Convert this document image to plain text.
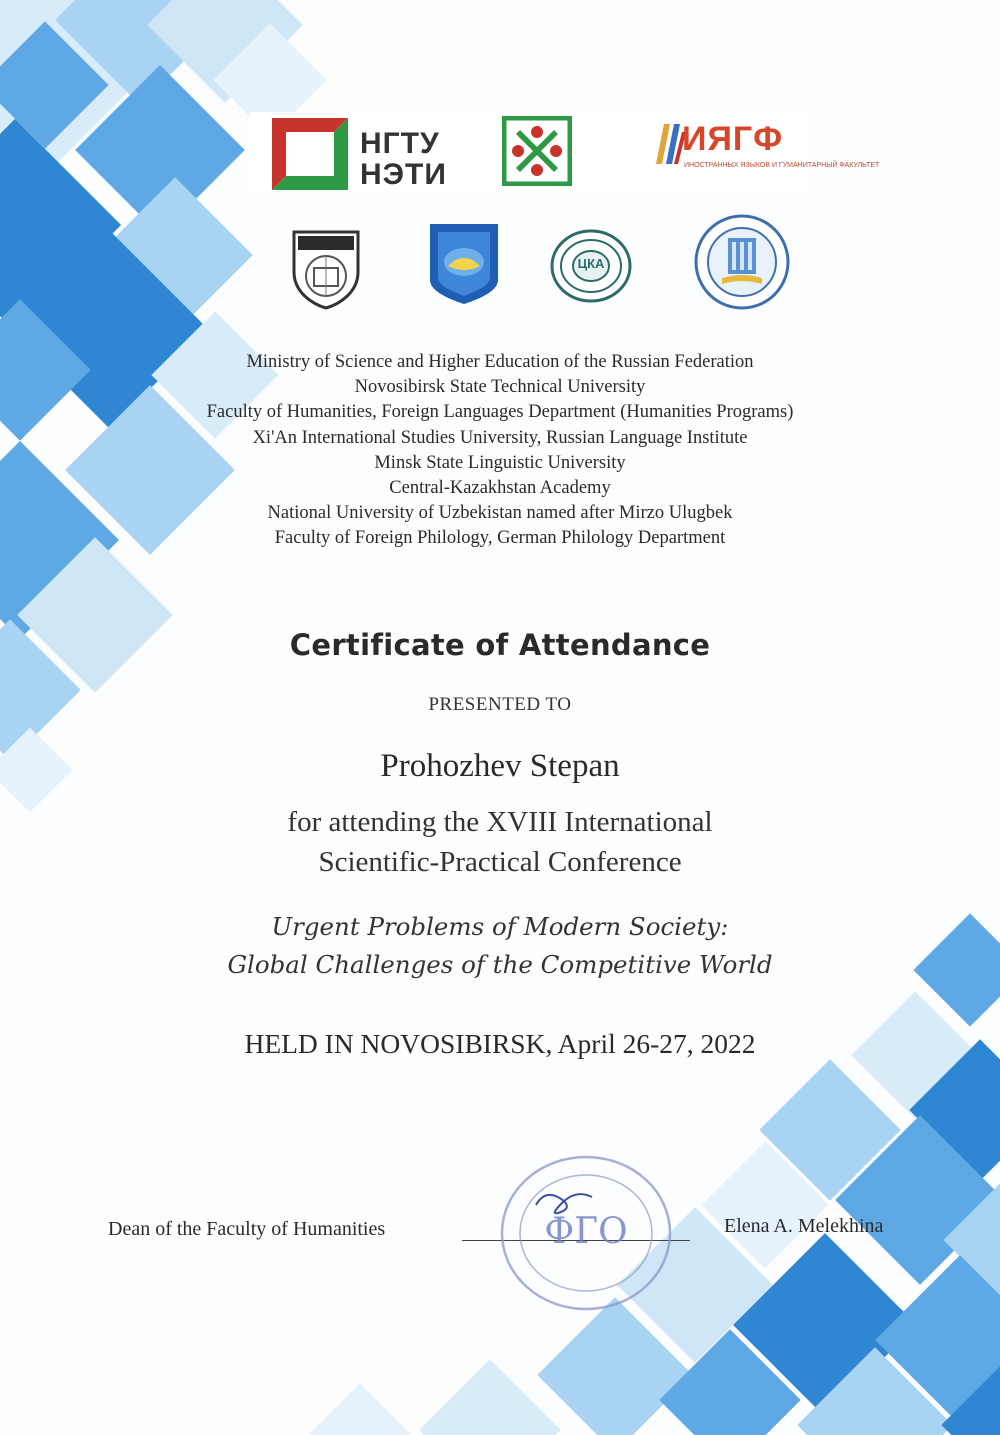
НГТУ
НЭТИ
ИЯГФ
ИНОСТРАННЫХ ЯЗЫКОВ И ГУМАНИТАРНЫЙ ФАКУЛЬТЕТ
ЦКА
Ministry of Science and Higher Education of the Russian Federation
Novosibirsk State Technical University
Faculty of Humanities, Foreign Languages Department (Humanities Programs)
Xi'An International Studies University, Russian Language Institute
Minsk State Linguistic University
Central-Kazakhstan Academy
National University of Uzbekistan named after Mirzo Ulugbek
Faculty of Foreign Philology, German Philology Department
Certificate of Attendance
PRESENTED TO
Prohozhev Stepan
for attending the XVIII International
Scientific-Practical Conference
Urgent Problems of Modern Society:
Global Challenges of the Competitive World
HELD IN NOVOSIBIRSK, April 26-27, 2022
Dean of the Faculty of Humanities	ФГО	Elena A. Melekhina
